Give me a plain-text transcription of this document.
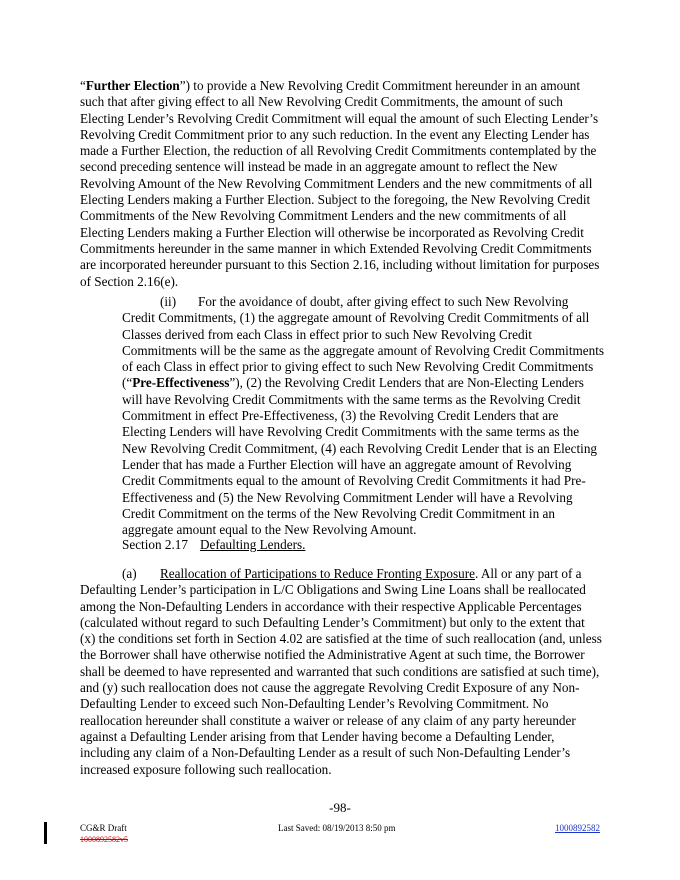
“Further Election”) to provide a New Revolving Credit Commitment hereunder in an amount such that after giving effect to all New Revolving Credit Commitments, the amount of such Electing Lender’s Revolving Credit Commitment will equal the amount of such Electing Lender’s Revolving Credit Commitment prior to any such reduction. In the event any Electing Lender has made a Further Election, the reduction of all Revolving Credit Commitments contemplated by the second preceding sentence will instead be made in an aggregate amount to reflect the New Revolving Amount of the New Revolving Commitment Lenders and the new commitments of all Electing Lenders making a Further Election. Subject to the foregoing, the New Revolving Credit Commitments of the New Revolving Commitment Lenders and the new commitments of all Electing Lenders making a Further Election will otherwise be incorporated as Revolving Credit Commitments hereunder in the same manner in which Extended Revolving Credit Commitments are incorporated hereunder pursuant to this Section 2.16, including without limitation for purposes of Section 2.16(e).

(ii) For the avoidance of doubt, after giving effect to such New Revolving Credit Commitments, (1) the aggregate amount of Revolving Credit Commitments of all Classes derived from each Class in effect prior to such New Revolving Credit Commitments will be the same as the aggregate amount of Revolving Credit Commitments of each Class in effect prior to giving effect to such New Revolving Credit Commitments (“Pre-Effectiveness”), (2) the Revolving Credit Lenders that are Non-Electing Lenders will have Revolving Credit Commitments with the same terms as the Revolving Credit Commitment in effect Pre-Effectiveness, (3) the Revolving Credit Lenders that are Electing Lenders will have Revolving Credit Commitments with the same terms as the New Revolving Credit Commitment, (4) each Revolving Credit Lender that is an Electing Lender that has made a Further Election will have an aggregate amount of Revolving Credit Commitments equal to the amount of Revolving Credit Commitments it had Pre-Effectiveness and (5) the New Revolving Commitment Lender will have a Revolving Credit Commitment on the terms of the New Revolving Credit Commitment in an aggregate amount equal to the New Revolving Amount.

Section 2.17 Defaulting Lenders.

(a) Reallocation of Participations to Reduce Fronting Exposure. All or any part of a Defaulting Lender’s participation in L/C Obligations and Swing Line Loans shall be reallocated among the Non-Defaulting Lenders in accordance with their respective Applicable Percentages (calculated without regard to such Defaulting Lender’s Commitment) but only to the extent that (x) the conditions set forth in Section 4.02 are satisfied at the time of such reallocation (and, unless the Borrower shall have otherwise notified the Administrative Agent at such time, the Borrower shall be deemed to have represented and warranted that such conditions are satisfied at such time), and (y) such reallocation does not cause the aggregate Revolving Credit Exposure of any Non-Defaulting Lender to exceed such Non-Defaulting Lender’s Revolving Commitment. No reallocation hereunder shall constitute a waiver or release of any claim of any party hereunder against a Defaulting Lender arising from that Lender having become a Defaulting Lender, including any claim of a Non-Defaulting Lender as a result of such Non-Defaulting Lender’s increased exposure following such reallocation.

-98-
CG&R Draft
1000892582v5
Last Saved: 08/19/2013 8:50 pm	1000892582
